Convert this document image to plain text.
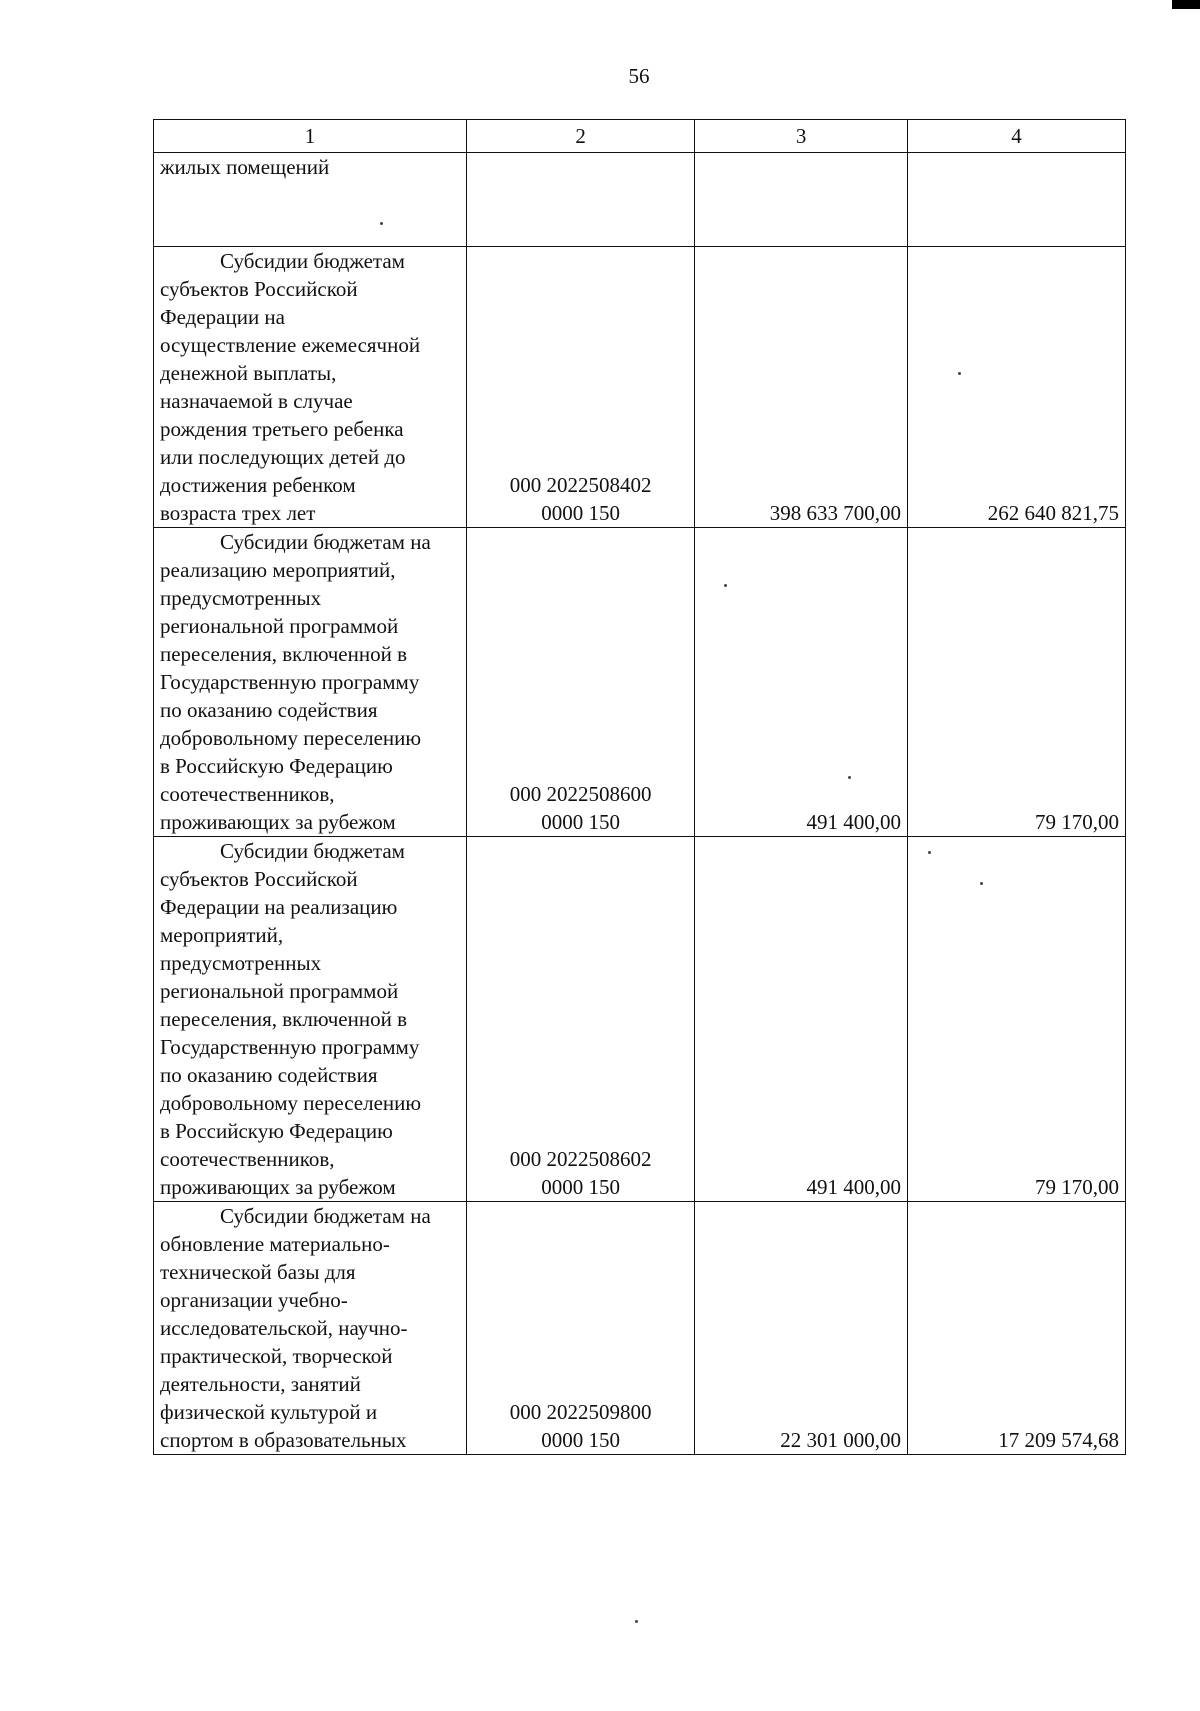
56
1	2	3	4
жилых помещений	

Субсидии бюджетам субъектов Российской Федерации на осуществление ежемесячной денежной выплаты, назначаемой в случае рождения третьего ребенка или последующих детей до достижения ребенком возраста трех лет	000 2022508402
0000 150	398 633 700,00	262 640 821,75

Субсидии бюджетам на реализацию мероприятий, предусмотренных региональной программой переселения, включенной в Государственную программу по оказанию содействия добровольному переселению в Российскую Федерацию соотечественников, проживающих за рубежом	000 2022508600
0000 150	491 400,00	79 170,00

Субсидии бюджетам субъектов Российской Федерации на реализацию мероприятий, предусмотренных региональной программой переселения, включенной в Государственную программу по оказанию содействия добровольному переселению в Российскую Федерацию соотечественников, проживающих за рубежом	000 2022508602
0000 150	491 400,00	79 170,00

Субсидии бюджетам на обновление материально-технической базы для организации учебно-исследовательской, научно-практической, творческой деятельности, занятий физической культурой и спортом в образовательных	000 2022509800
0000 150	22 301 000,00	17 209 574,68
